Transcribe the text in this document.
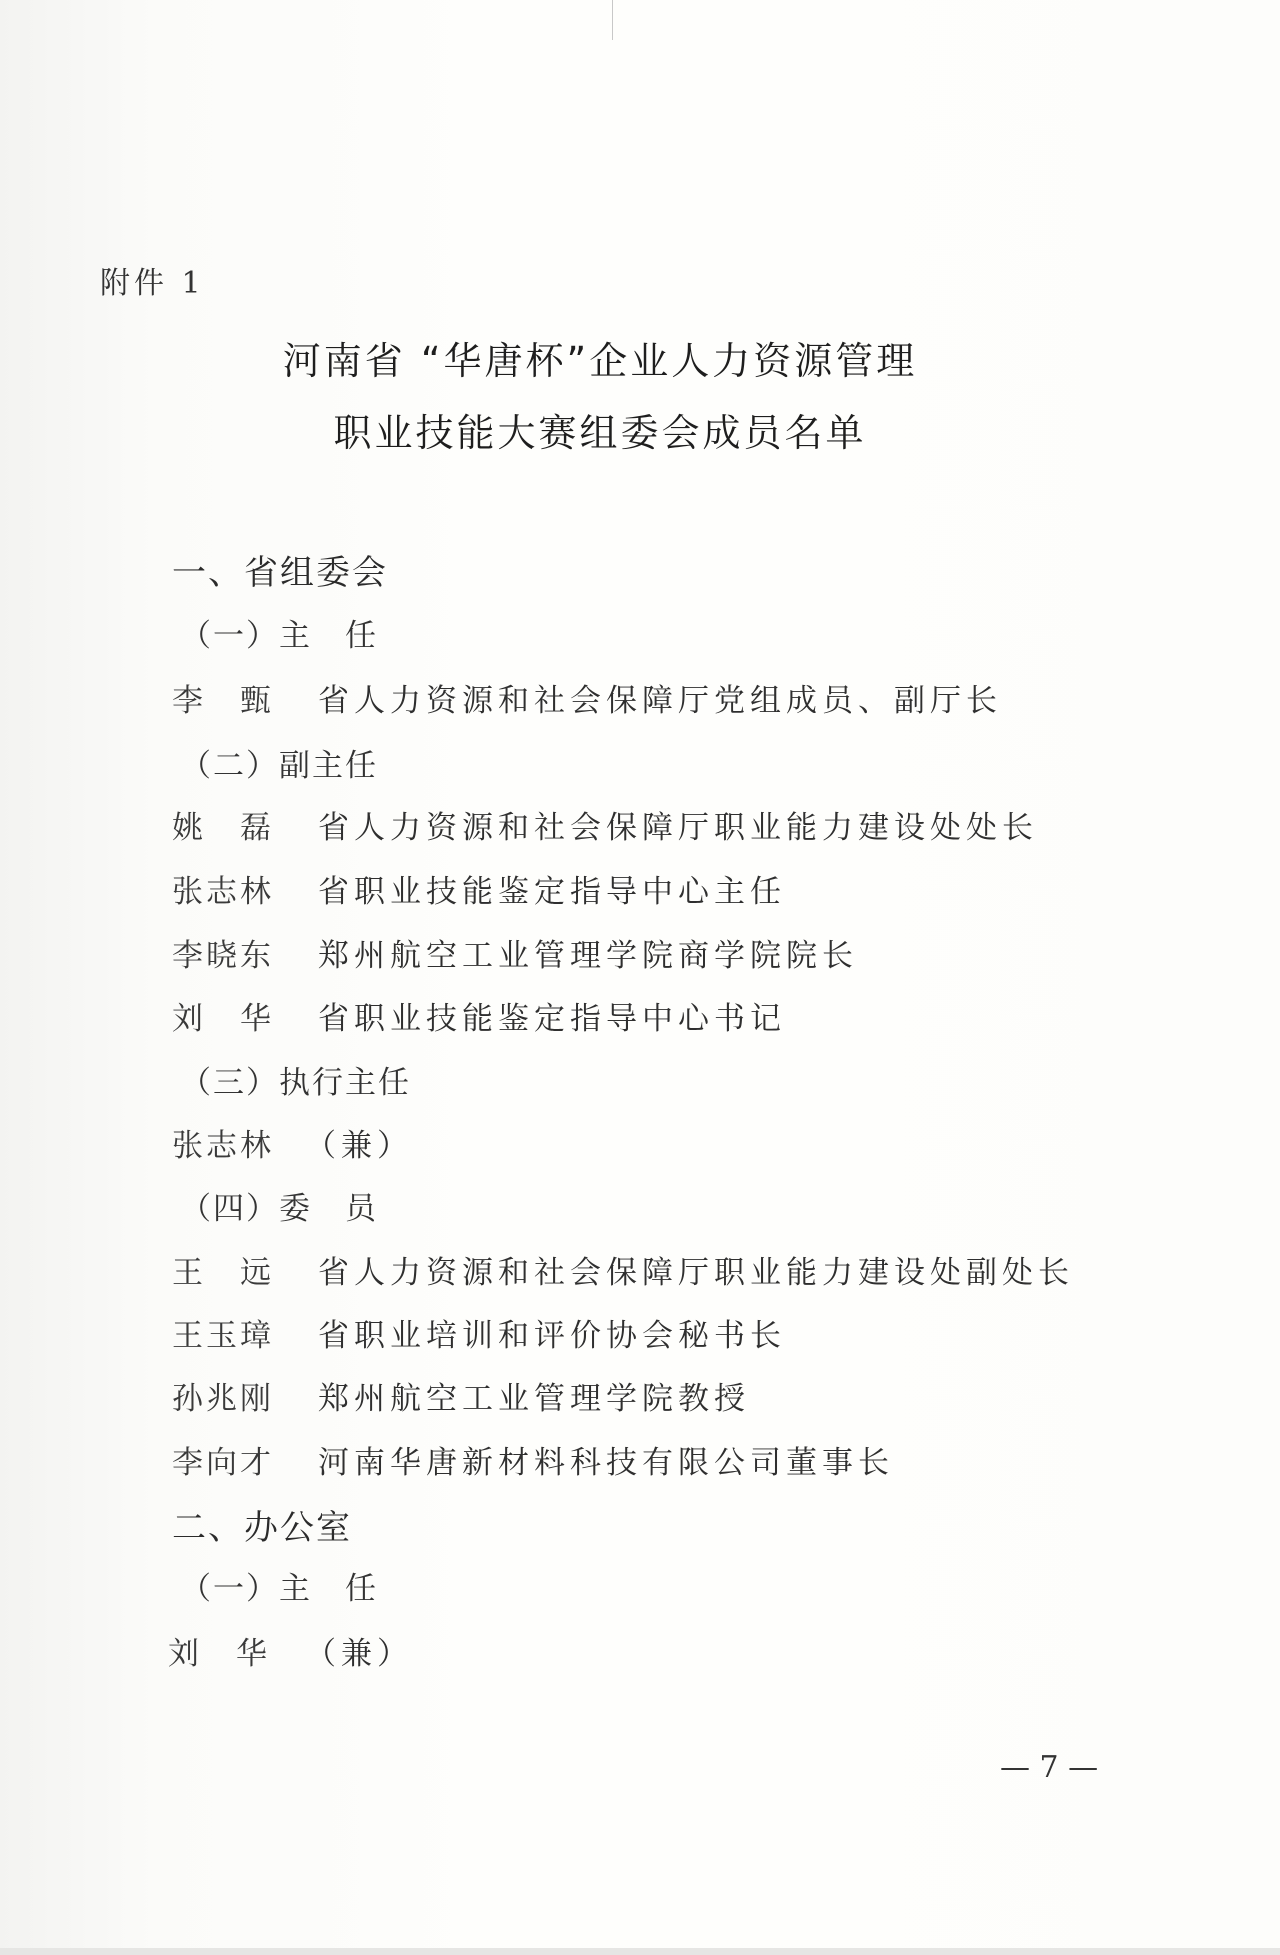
附件 1
河南省 “华唐杯”企业人力资源管理
职业技能大赛组委会成员名单
一、省组委会
（一）主　任
李　甄 省人力资源和社会保障厅党组成员、副厅长
（二）副主任
姚　磊 省人力资源和社会保障厅职业能力建设处处长
张志林 省职业技能鉴定指导中心主任
李晓东 郑州航空工业管理学院商学院院长
刘　华 省职业技能鉴定指导中心书记
（三）执行主任
张志林 （兼）
（四）委　员
王　远 省人力资源和社会保障厅职业能力建设处副处长
王玉璋 省职业培训和评价协会秘书长
孙兆刚 郑州航空工业管理学院教授
李向才 河南华唐新材料科技有限公司董事长
二、办公室
（一）主　任
刘　华 （兼）
— 7 —
